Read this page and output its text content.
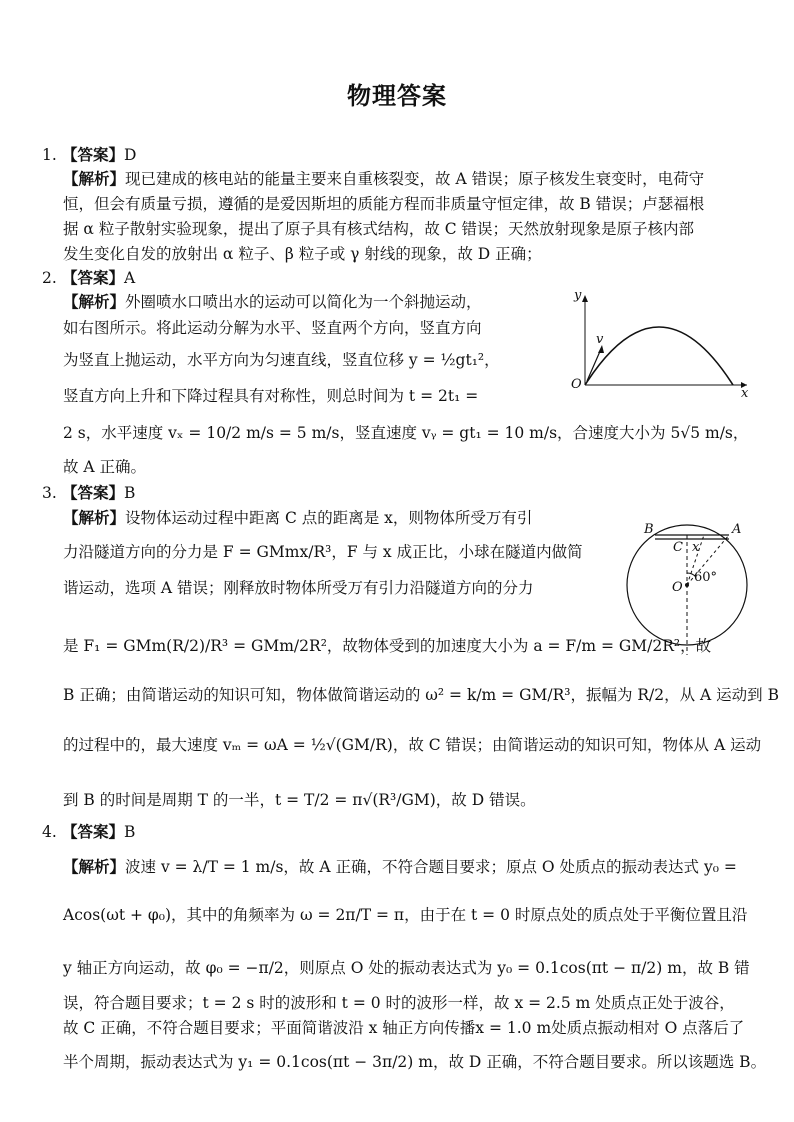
物理答案
1. 【答案】D
【解析】现已建成的核电站的能量主要来自重核裂变，故 A 错误；原子核发生衰变时，电荷守
恒，但会有质量亏损，遵循的是爱因斯坦的质能方程而非质量守恒定律，故 B 错误；卢瑟福根
据 α 粒子散射实验现象，提出了原子具有核式结构，故 C 错误；天然放射现象是原子核内部
发生变化自发的放射出 α 粒子、β 粒子或 γ 射线的现象，故 D 正确；
2. 【答案】A
【解析】外圈喷水口喷出水的运动可以简化为一个斜抛运动，
如右图所示。将此运动分解为水平、竖直两个方向，竖直方向
为竖直上抛运动，水平方向为匀速直线，竖直位移 y = ½gt₁²，
竖直方向上升和下降过程具有对称性，则总时间为 t = 2t₁ =
2 s，水平速度 vₓ = 10/2 m/s = 5 m/s，竖直速度 vᵧ = gt₁ = 10 m/s，合速度大小为 5√5 m/s，
故 A 正确。
y
x
O
v
3. 【答案】B
【解析】设物体运动过程中距离 C 点的距离是 x，则物体所受万有引
力沿隧道方向的分力是 F = GMmx/R³，F 与 x 成正比，小球在隧道内做简
谐运动，选项 A 错误；刚释放时物体所受万有引力沿隧道方向的分力
是 F₁ = GMm(R/2)/R³ = GMm/2R²，故物体受到的加速度大小为 a = F/m = GM/2R²，故
B 正确；由简谐运动的知识可知，物体做简谐运动的 ω² = k/m = GM/R³，振幅为 R/2，从 A 运动到 B
的过程中的，最大速度 vₘ = ωA = ½√(GM/R)，故 C 错误；由简谐运动的知识可知，物体从 A 运动
到 B 的时间是周期 T 的一半，t = T/2 = π√(R³/GM)，故 D 错误。
B	A
C x
O
60°
4. 【答案】B
【解析】波速 v = λ/T = 1 m/s，故 A 正确，不符合题目要求；原点 O 处质点的振动表达式 y₀ =
Acos(ωt + φ₀)，其中的角频率为 ω = 2π/T = π，由于在 t = 0 时原点处的质点处于平衡位置且沿
y 轴正方向运动，故 φ₀ = −π/2，则原点 O 处的振动表达式为 y₀ = 0.1cos(πt − π/2) m，故 B 错
误，符合题目要求；t = 2 s 时的波形和 t = 0 时的波形一样，故 x = 2.5 m 处质点正处于波谷，
故 C 正确，不符合题目要求；平面简谐波沿 x 轴正方向传播x = 1.0 m处质点振动相对 O 点落后了
半个周期，振动表达式为 y₁ = 0.1cos(πt − 3π/2) m，故 D 正确，不符合题目要求。所以该题选 B。
